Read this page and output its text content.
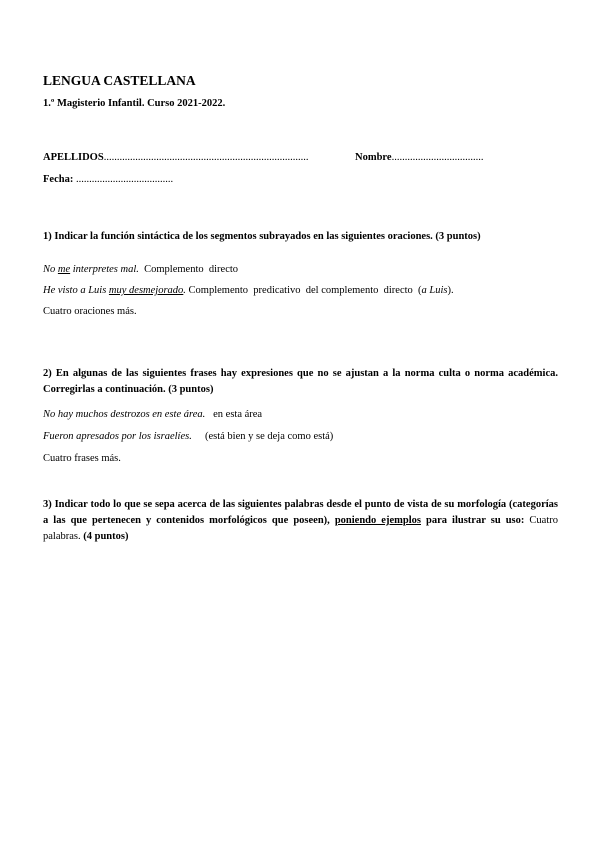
LENGUA CASTELLANA
1.º Magisterio Infantil. Curso 2021-2022.
APELLIDOS..............................................................................	Nombre...................................
Fecha: .....................................
1) Indicar la función sintáctica de los segmentos subrayados en las siguientes oraciones. (3 puntos)
No me interpretes mal.  Complemento  directo
He visto a Luis muy desmejorado. Complemento  predicativo  del complemento  directo  (a Luis).
Cuatro oraciones más.
2) En algunas de las siguientes frases hay expresiones que no se ajustan a la norma culta o norma académica. Corregirlas a continuación. (3 puntos)
No hay muchos destrozos en este área.   en esta área
Fueron apresados por los israelíes.     (está bien y se deja como está)
Cuatro frases más.
3) Indicar todo lo que se sepa acerca de las siguientes palabras desde el punto de vista de su morfología (categorías a las que pertenecen y contenidos morfológicos que poseen), poniendo ejemplos para ilustrar su uso: Cuatro palabras. (4 puntos)
